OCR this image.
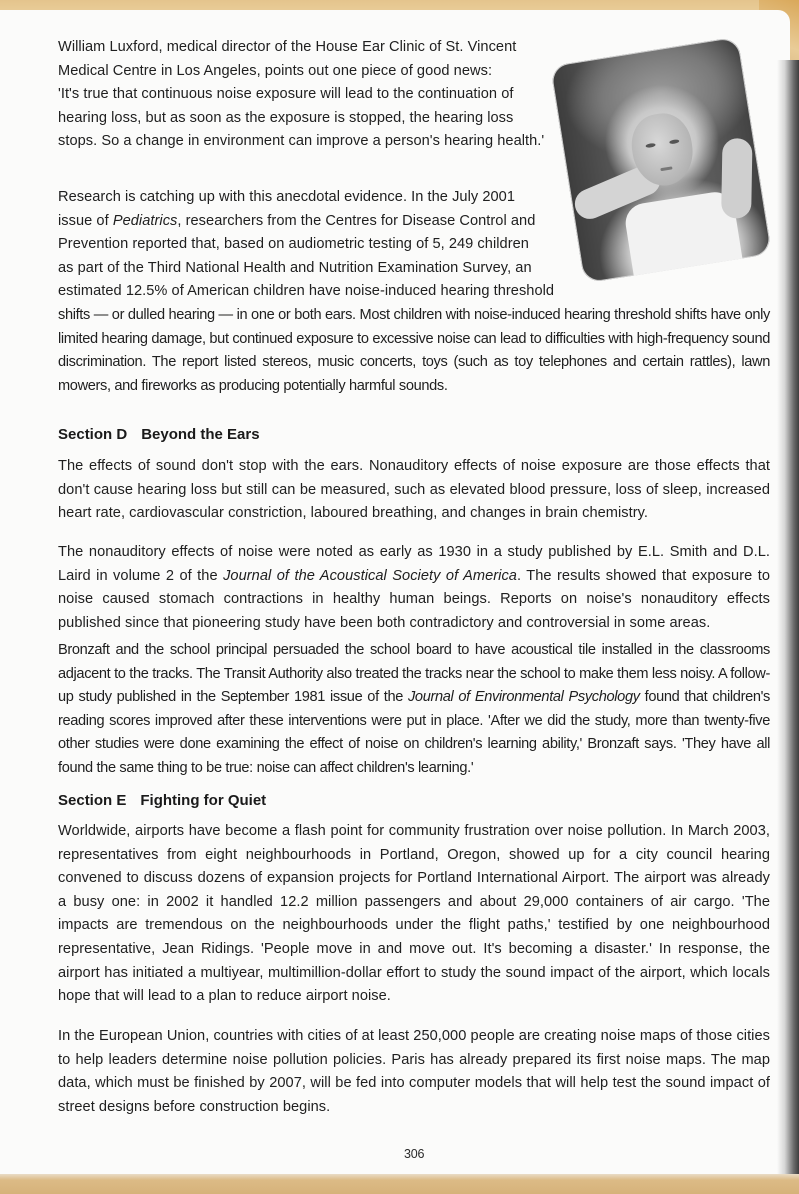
William Luxford, medical director of the House Ear Clinic of St. Vincent
Medical Centre in Los Angeles, points out one piece of good news:
'It's true that continuous noise exposure will lead to the continuation of
hearing loss, but as soon as the exposure is stopped, the hearing loss
stops. So a change in environment can improve a person's hearing health.'
Research is catching up with this anecdotal evidence. In the July 2001
issue of Pediatrics, researchers from the Centres for Disease Control and
Prevention reported that, based on audiometric testing of 5, 249 children
as part of the Third National Health and Nutrition Examination Survey, an
estimated 12.5% of American children have noise-induced hearing threshold

shifts — or dulled hearing — in one or both ears. Most children with noise-induced hearing threshold shifts have only limited hearing damage, but continued exposure to excessive noise can lead to difficulties with high-frequency sound discrimination. The report listed stereos, music concerts, toys (such as toy telephones and certain rattles), lawn mowers, and fireworks as producing potentially harmful sounds.

Section D Beyond the Ears

The effects of sound don't stop with the ears. Nonauditory effects of noise exposure are those effects that don't cause hearing loss but still can be measured, such as elevated blood pressure, loss of sleep, increased heart rate, cardiovascular constriction, laboured breathing, and changes in brain chemistry.

The nonauditory effects of noise were noted as early as 1930 in a study published by E.L. Smith and D.L. Laird in volume 2 of the Journal of the Acoustical Society of America. The results showed that exposure to noise caused stomach contractions in healthy human beings. Reports on noise's nonauditory effects published since that pioneering study have been both contradictory and controversial in some areas.

Bronzaft and the school principal persuaded the school board to have acoustical tile installed in the classrooms adjacent to the tracks. The Transit Authority also treated the tracks near the school to make them less noisy. A follow-up study published in the September 1981 issue of the Journal of Environmental Psychology found that children's reading scores improved after these interventions were put in place. 'After we did the study, more than twenty-five other studies were done examining the effect of noise on children's learning ability,' Bronzaft says. 'They have all found the same thing to be true: noise can affect children's learning.'

Section E Fighting for Quiet

Worldwide, airports have become a flash point for community frustration over noise pollution. In March 2003, representatives from eight neighbourhoods in Portland, Oregon, showed up for a city council hearing convened to discuss dozens of expansion projects for Portland International Airport. The airport was already a busy one: in 2002 it handled 12.2 million passengers and about 29,000 containers of air cargo. 'The impacts are tremendous on the neighbourhoods under the flight paths,' testified by one neighbourhood representative, Jean Ridings. 'People move in and move out. It's becoming a disaster.' In response, the airport has initiated a multiyear, multimillion-dollar effort to study the sound impact of the airport, which locals hope that will lead to a plan to reduce airport noise.

In the European Union, countries with cities of at least 250,000 people are creating noise maps of those cities to help leaders determine noise pollution policies. Paris has already prepared its first noise maps. The map data, which must be finished by 2007, will be fed into computer models that will help test the sound impact of street designs before construction begins.

306
